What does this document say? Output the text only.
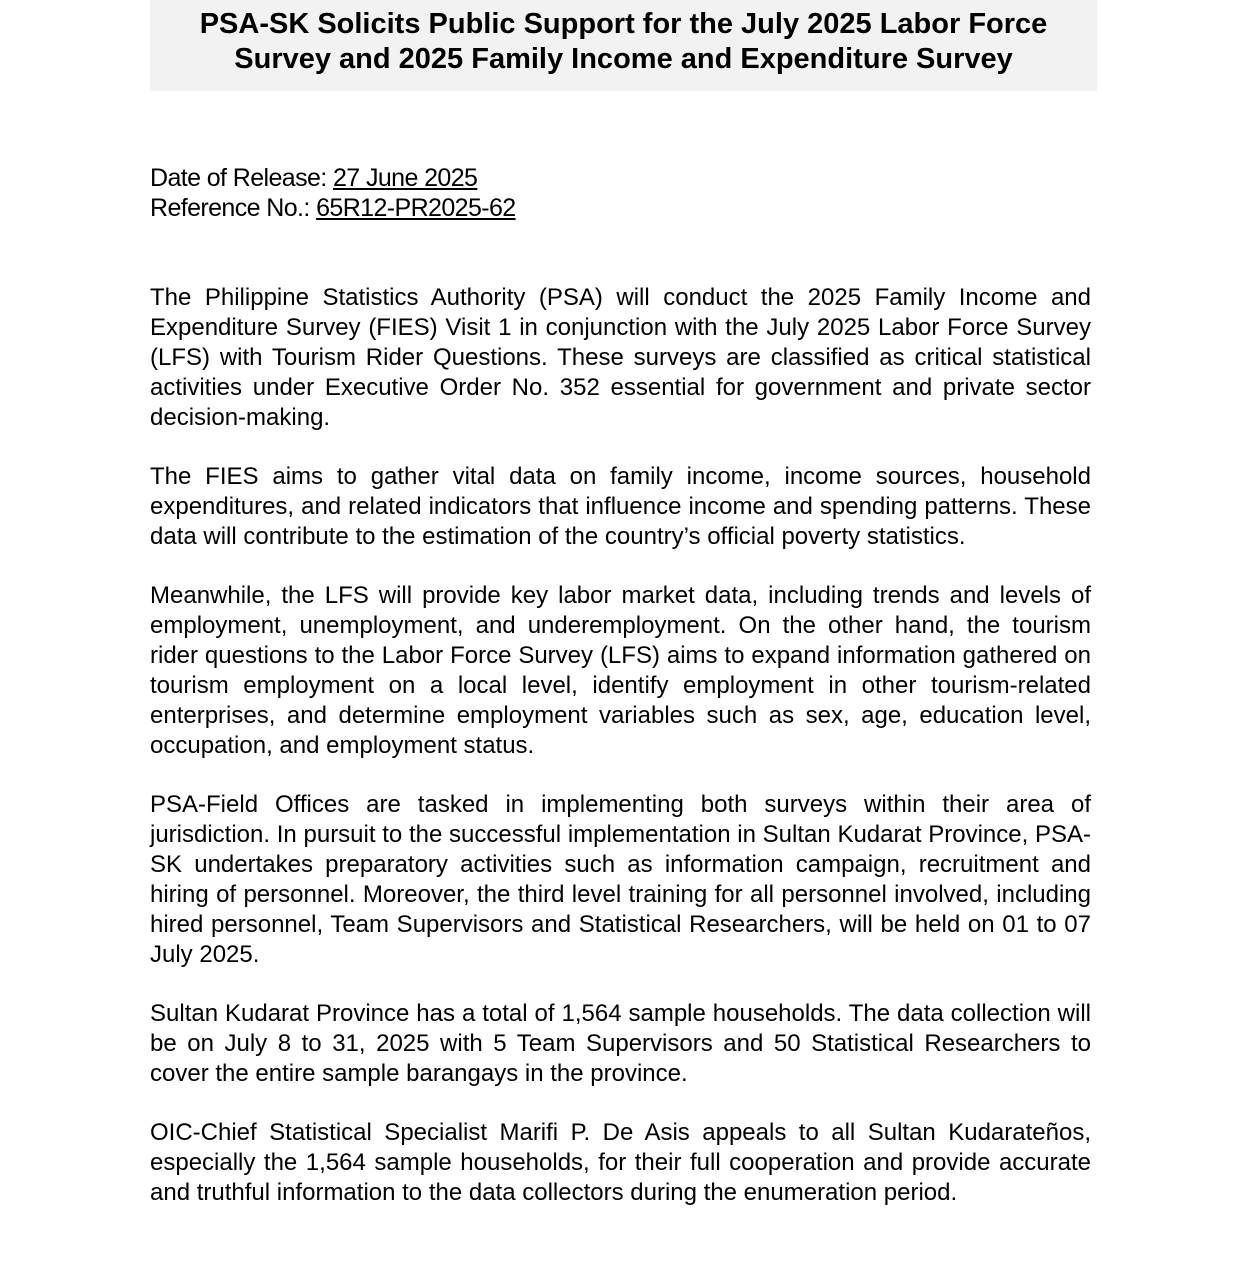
PSA-SK Solicits Public Support for the July 2025 Labor Force Survey and 2025 Family Income and Expenditure Survey
Date of Release: 27 June 2025
Reference No.: 65R12-PR2025-62

The Philippine Statistics Authority (PSA) will conduct the 2025 Family Income and Expenditure Survey (FIES) Visit 1 in conjunction with the July 2025 Labor Force Survey (LFS) with Tourism Rider Questions. These surveys are classified as critical statistical activities under Executive Order No. 352 essential for government and private sector decision-making.

The FIES aims to gather vital data on family income, income sources, household expenditures, and related indicators that influence income and spending patterns. These data will contribute to the estimation of the country’s official poverty statistics.

Meanwhile, the LFS will provide key labor market data, including trends and levels of employment, unemployment, and underemployment. On the other hand, the tourism rider questions to the Labor Force Survey (LFS) aims to expand information gathered on tourism employment on a local level, identify employment in other tourism-related enterprises, and determine employment variables such as sex, age, education level, occupation, and employment status.

PSA-Field Offices are tasked in implementing both surveys within their area of jurisdiction. In pursuit to the successful implementation in Sultan Kudarat Province, PSA-SK undertakes preparatory activities such as information campaign, recruitment and hiring of personnel. Moreover, the third level training for all personnel involved, including hired personnel, Team Supervisors and Statistical Researchers, will be held on 01 to 07 July 2025.

Sultan Kudarat Province has a total of 1,564 sample households. The data collection will be on July 8 to 31, 2025 with 5 Team Supervisors and 50 Statistical Researchers to cover the entire sample barangays in the province.

OIC-Chief Statistical Specialist Marifi P. De Asis appeals to all Sultan Kudarateños, especially the 1,564 sample households, for their full cooperation and provide accurate and truthful information to the data collectors during the enumeration period.
